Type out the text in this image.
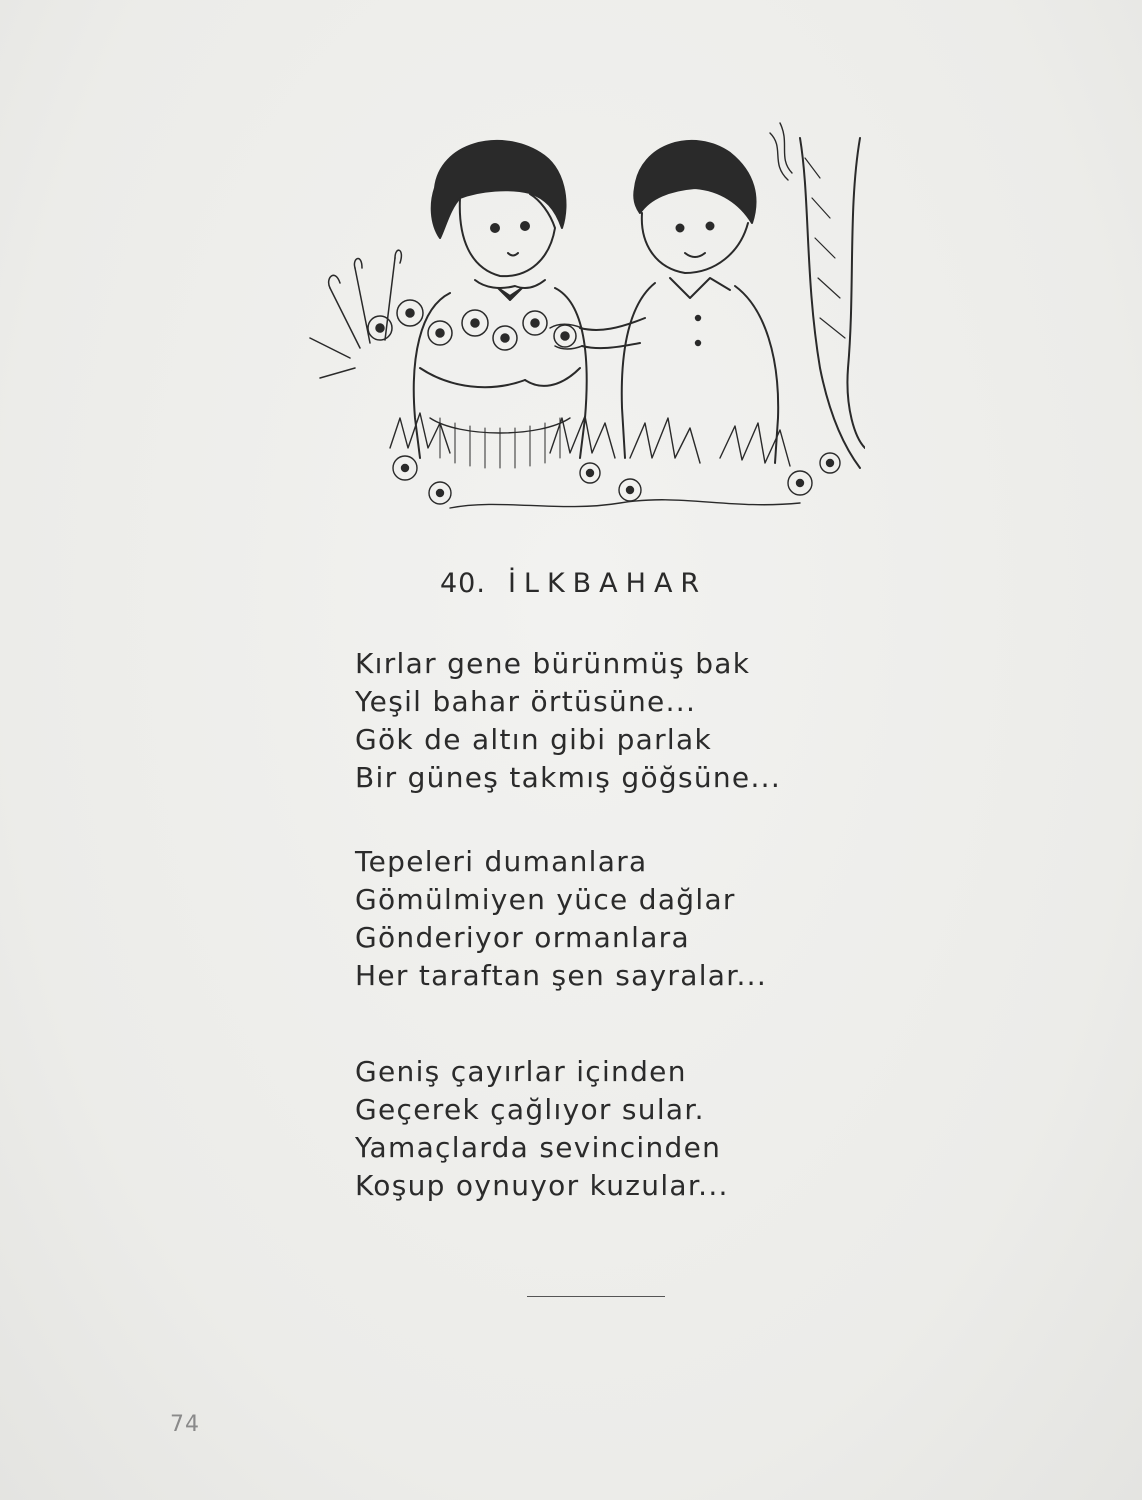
40. İLKBAHAR
Kırlar gene bürünmüş bak
Yeşil bahar örtüsüne...
Gök de altın gibi parlak
Bir güneş takmış göğsüne...
Tepeleri dumanlara
Gömülmiyen yüce dağlar
Gönderiyor ormanlara
Her taraftan şen sayralar...
Geniş çayırlar içinden
Geçerek çağlıyor sular.
Yamaçlarda sevincinden
Koşup oynuyor kuzular...
74
